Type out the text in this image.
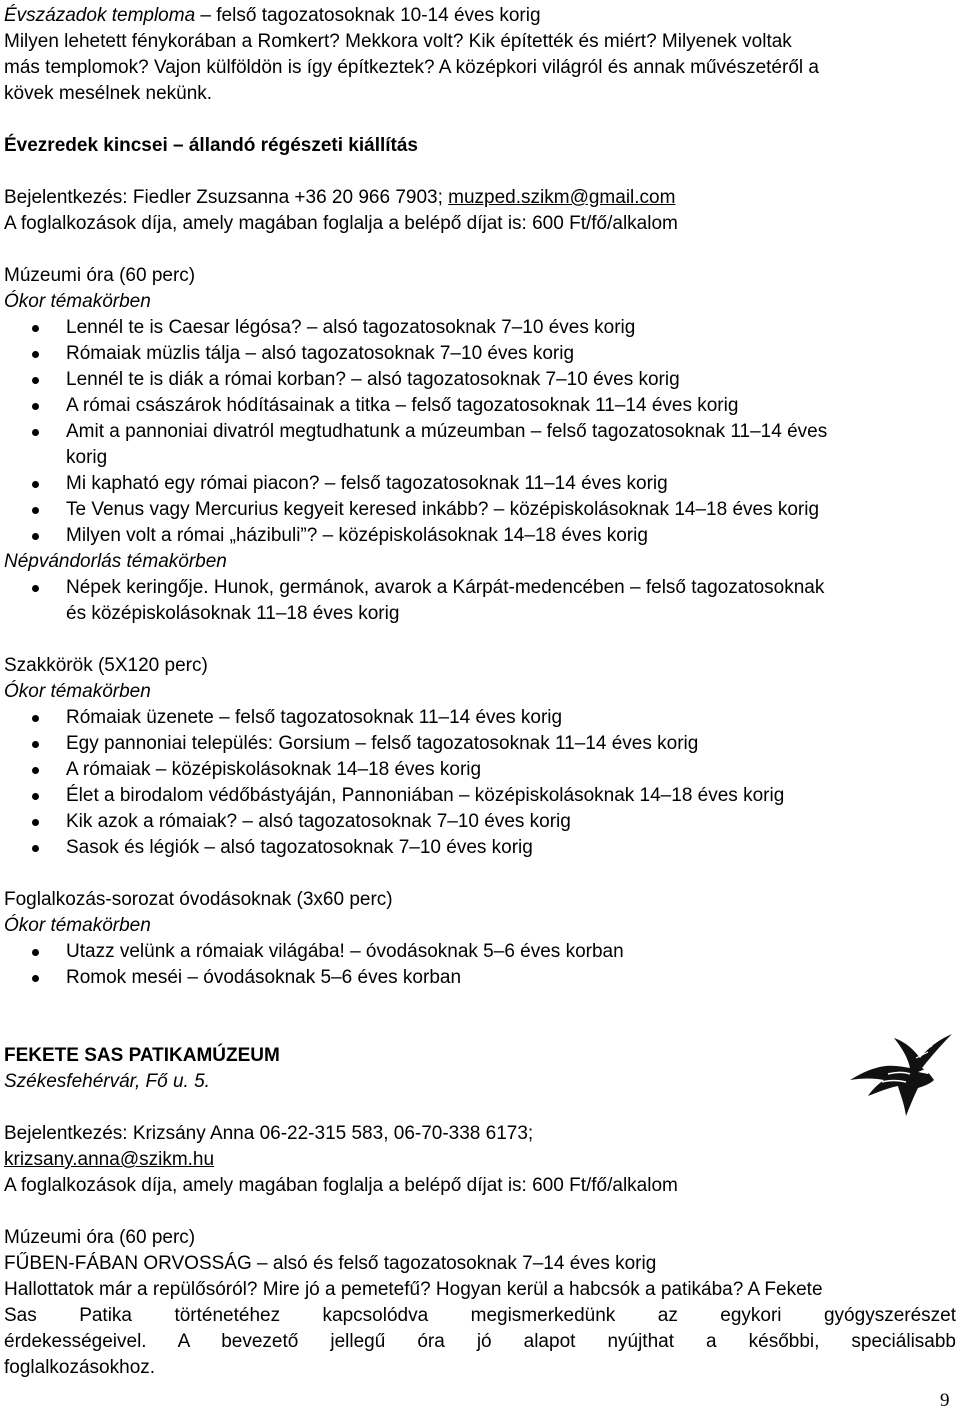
Évszázadok temploma – felső tagozatosoknak 10-14 éves korig

Milyen lehetett fénykorában a Romkert? Mekkora volt? Kik építették és miért? Milyenek voltak

más templomok? Vajon külföldön is így építkeztek? A középkori világról és annak művészetéről a

kövek mesélnek nekünk.

Évezredek kincsei – állandó régészeti kiállítás

Bejelentkezés: Fiedler Zsuzsanna +36 20 966 7903; muzped.szikm@gmail.com

A foglalkozások díja, amely magában foglalja a belépő díjat is: 600 Ft/fő/alkalom

Múzeumi óra (60 perc)

Ókor témakörben

Lennél te is Caesar légósa? – alsó tagozatosoknak 7–10 éves korig
Rómaiak müzlis tálja – alsó tagozatosoknak 7–10 éves korig
Lennél te is diák a római korban? – alsó tagozatosoknak 7–10 éves korig
A római császárok hódításainak a titka – felső tagozatosoknak 11–14 éves korig
Amit a pannoniai divatról megtudhatunk a múzeumban – felső tagozatosoknak 11–14 éves
korig
Mi kapható egy római piacon? – felső tagozatosoknak 11–14 éves korig
Te Venus vagy Mercurius kegyeit keresed inkább? – középiskolásoknak 14–18 éves korig
Milyen volt a római „házibuli”? – középiskolásoknak 14–18 éves korig

Népvándorlás témakörben

Népek keringője. Hunok, germánok, avarok a Kárpát-medencében – felső tagozatosoknak
és középiskolásoknak 11–18 éves korig

Szakkörök (5X120 perc)

Ókor témakörben

Rómaiak üzenete – felső tagozatosoknak 11–14 éves korig
Egy pannoniai település: Gorsium – felső tagozatosoknak 11–14 éves korig
A rómaiak – középiskolásoknak 14–18 éves korig
Élet a birodalom védőbástyáján, Pannoniában – középiskolásoknak 14–18 éves korig
Kik azok a rómaiak? – alsó tagozatosoknak 7–10 éves korig
Sasok és légiók – alsó tagozatosoknak 7–10 éves korig

Foglalkozás-sorozat óvodásoknak (3x60 perc)

Ókor témakörben

Utazz velünk a rómaiak világába! – óvodásoknak 5–6 éves korban
Romok meséi – óvodásoknak 5–6 éves korban

FEKETE SAS PATIKAMÚZEUM

Székesfehérvár, Fő u. 5.

Bejelentkezés: Krizsány Anna 06-22-315 583, 06-70-338 6173;

krizsany.anna@szikm.hu

A foglalkozások díja, amely magában foglalja a belépő díjat is: 600 Ft/fő/alkalom

Múzeumi óra (60 perc)

FŰBEN-FÁBAN ORVOSSÁG – alsó és felső tagozatosoknak 7–14 éves korig

Hallottatok már a repülősóról? Mire jó a pemetefű? Hogyan kerül a habcsók a patikába? A Fekete

Sas Patika történetéhez kapcsolódva megismerkedünk az egykori gyógyszerészet

érdekességeivel. A bevezető jellegű óra jó alapot nyújthat a későbbi, speciálisabb

foglalkozásokhoz.

9
